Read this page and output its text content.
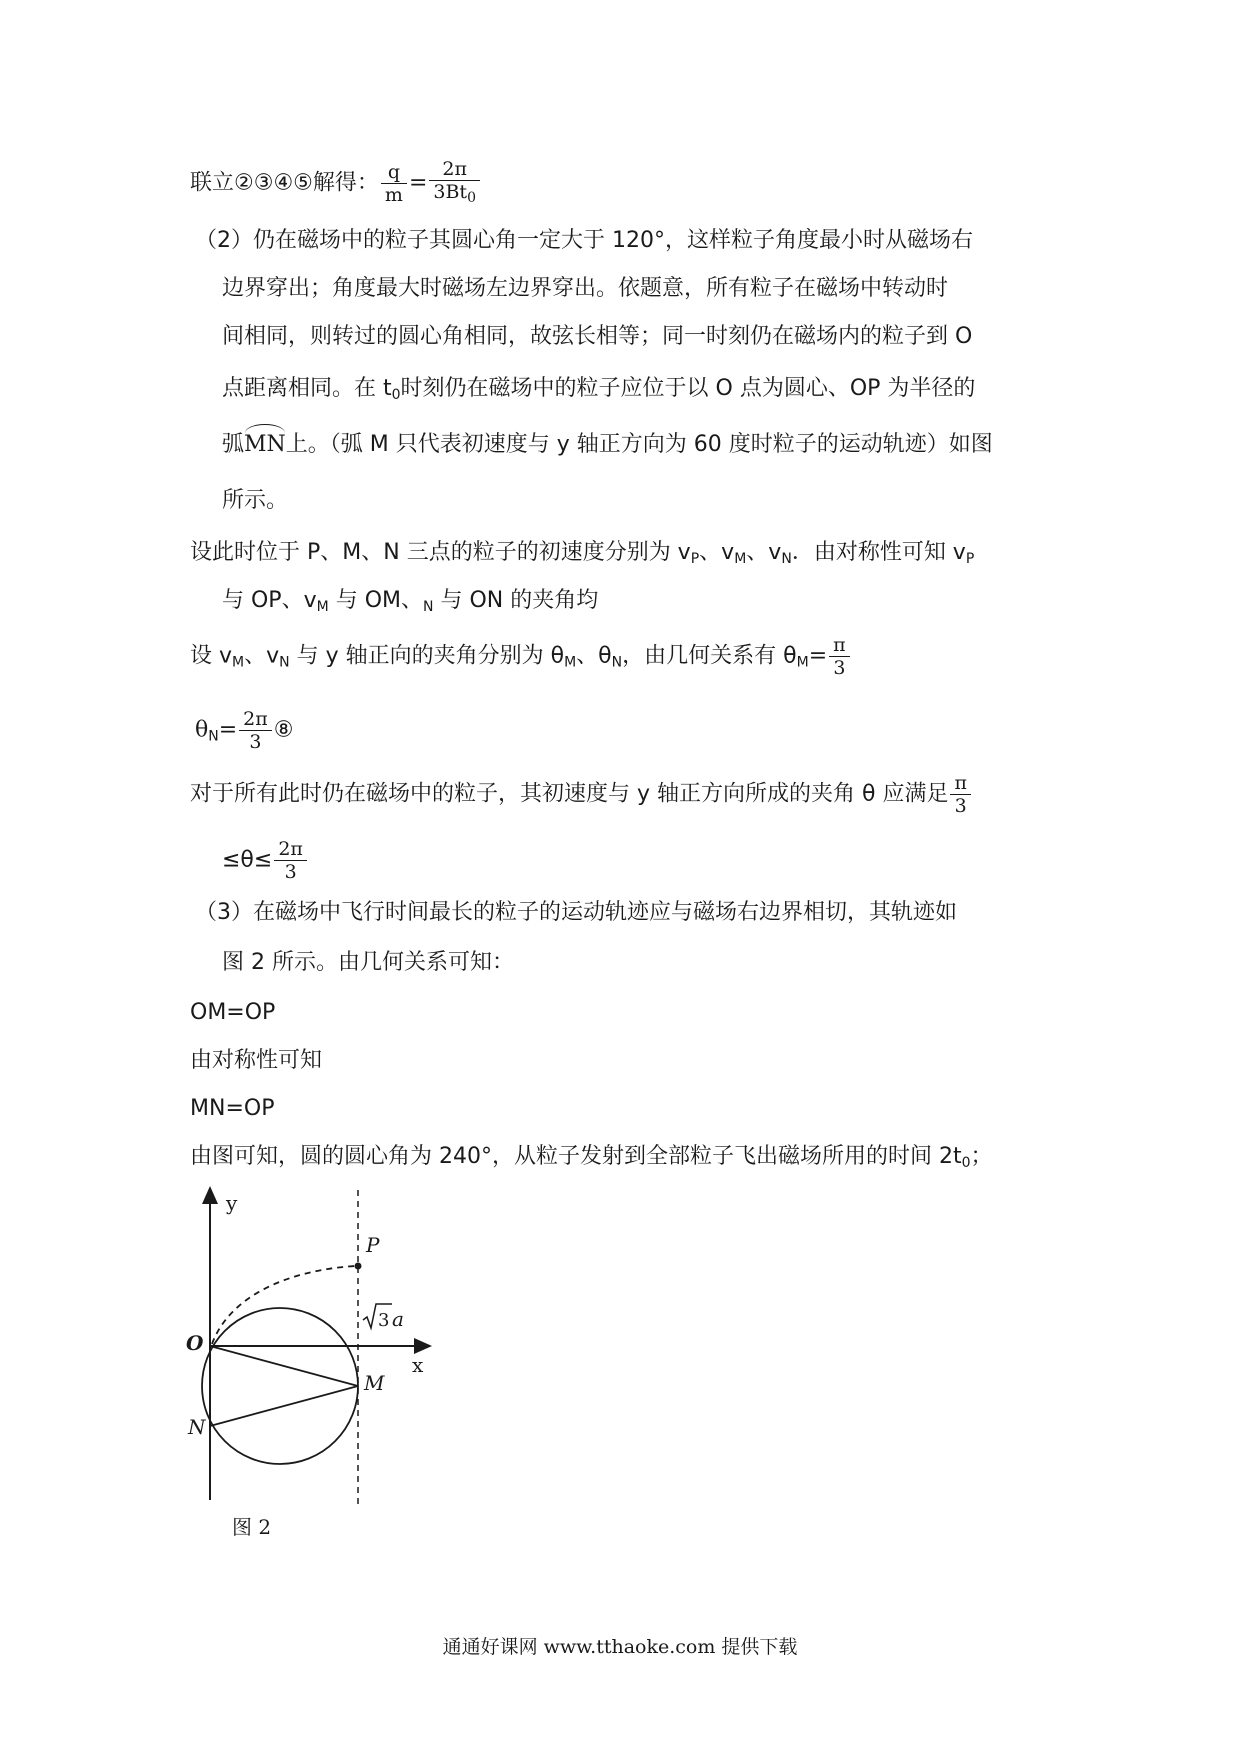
联立②③④⑤解得： $\frac{q}{m} = \frac{2\pi}{3Bt_0}$
（2）仍在磁场中的粒子其圆心角一定大于 120°，这样粒子角度最小时从磁场右
边界穿出；角度最大时磁场左边界穿出。依题意，所有粒子在磁场中转动时
间相同，则转过的圆心角相同，故弦长相等；同一时刻仍在磁场内的粒子到 O
点距离相同。在 $t_0$时刻仍在磁场中的粒子应位于以 O 点为圆心、OP 为半径的
弧
MN上。（弧 M 只代表初速度与 y 轴正方向为 60 度时粒子的运动轨迹）如图
所示。
设此时位于 P、M、N 三点的粒子的初速度分别为 $v_P$、$v_M$、$v_N$．由对称性可知 $v_P$
与 OP、$v_M$ 与 OM、$_N$ 与 ON 的夹角均
设 $v_M$、$v_N$ 与 y 轴正向的夹角分别为 $\theta_M$、$\theta_N$，由几何关系有 $\theta_M= \frac{\pi}{3}$
$\theta_N= \frac{2\pi}{3}$ ⑧
对于所有此时仍在磁场中的粒子，其初速度与 y 轴正方向所成的夹角 θ 应满足 $\frac{\pi}{3}$
$\le\theta\le \frac{2\pi}{3}$
（3）在磁场中飞行时间最长的粒子的运动轨迹应与磁场右边界相切，其轨迹如
图 2 所示。由几何关系可知：
OM=OP
由对称性可知
MN=OP
由图可知，圆的圆心角为 240°，从粒子发射到全部粒子飞出磁场所用的时间 $2t_0$；
y
x
O
P
M
N
3 a
图 2
通通好课网 www.tthaoke.com 提供下载
